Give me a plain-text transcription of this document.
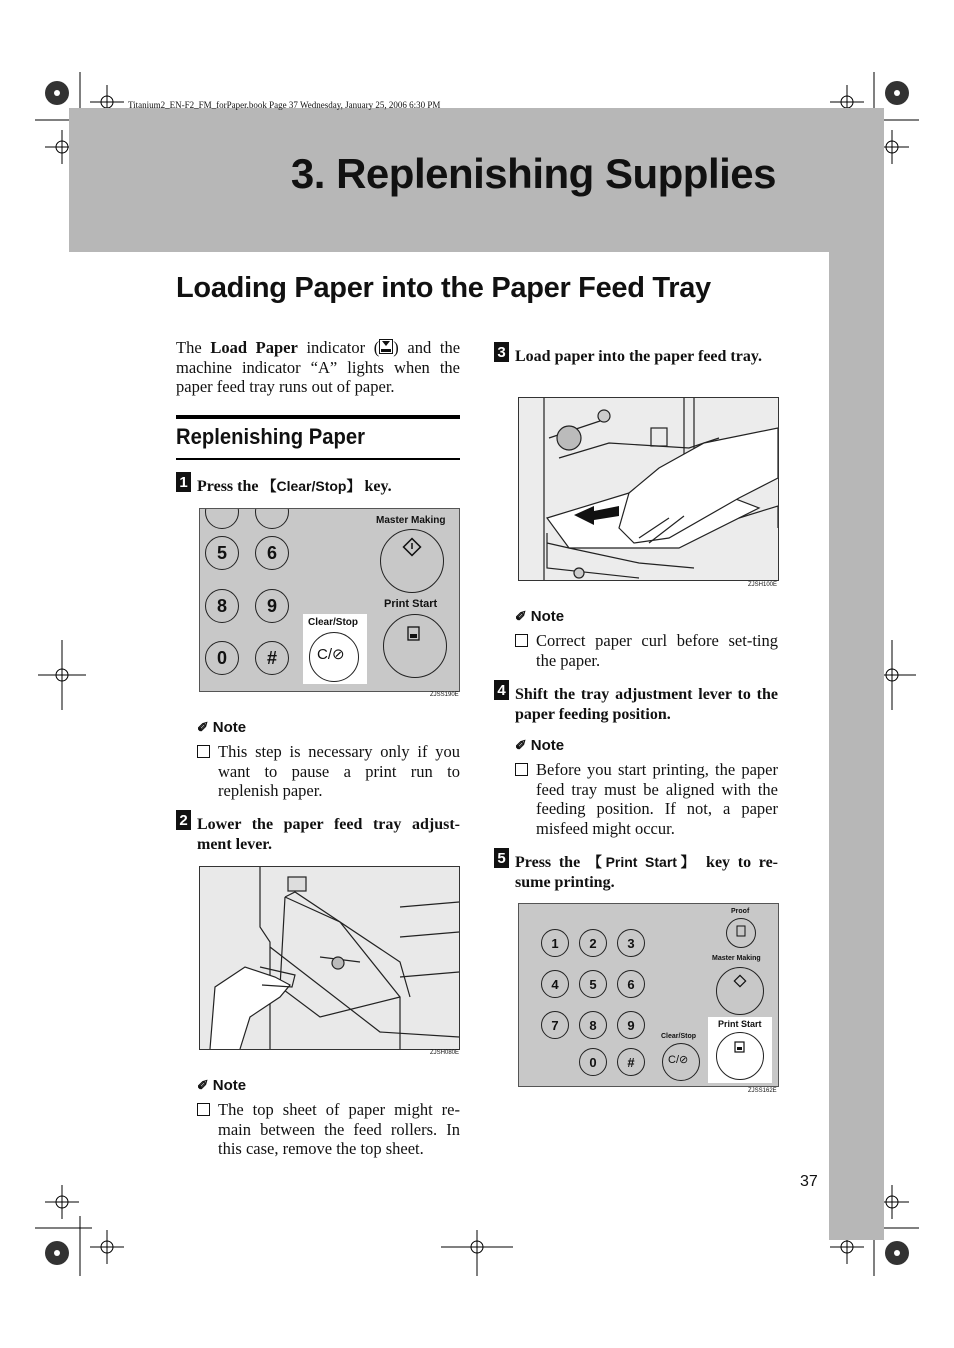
Titanium2_EN-F2_FM_forPaper.book Page 37 Wednesday, January 25, 2006 6:30 PM
3. Replenishing Supplies
Loading Paper into the Paper Feed Tray
The Load Paper indicator ( ) and the machine indicator “A” lights when the paper feed tray runs out of paper.
Replenishing Paper
1 Press the 【Clear/Stop】 key.
5	6
8	9
0	#
Master Making
Print Start
Clear/Stop
C/⊘
ZJSS190E
✐ Note
This step is necessary only if you want to pause a print run to replenish paper.
2 Lower the paper feed tray adjust-ment lever.
ZJSH080E
✐ Note
The top sheet of paper might re-main between the feed rollers. In this case, remove the top sheet.
3 Load paper into the paper feed tray.
ZJSH100E
✐ Note
Correct paper curl before set-ting the paper.
4 Shift the tray adjustment lever to the paper feeding position.
✐ Note
Before you start printing, the paper feed tray must be aligned with the feeding position. If not, a paper misfeed might occur.
5 Press the 【Print Start】 key to re-sume printing.
1	2	3
4	5	6
7	8	9
0	#
Proof
Master Making
Print Start
Clear/Stop
C/⊘
ZJSS162E
37
